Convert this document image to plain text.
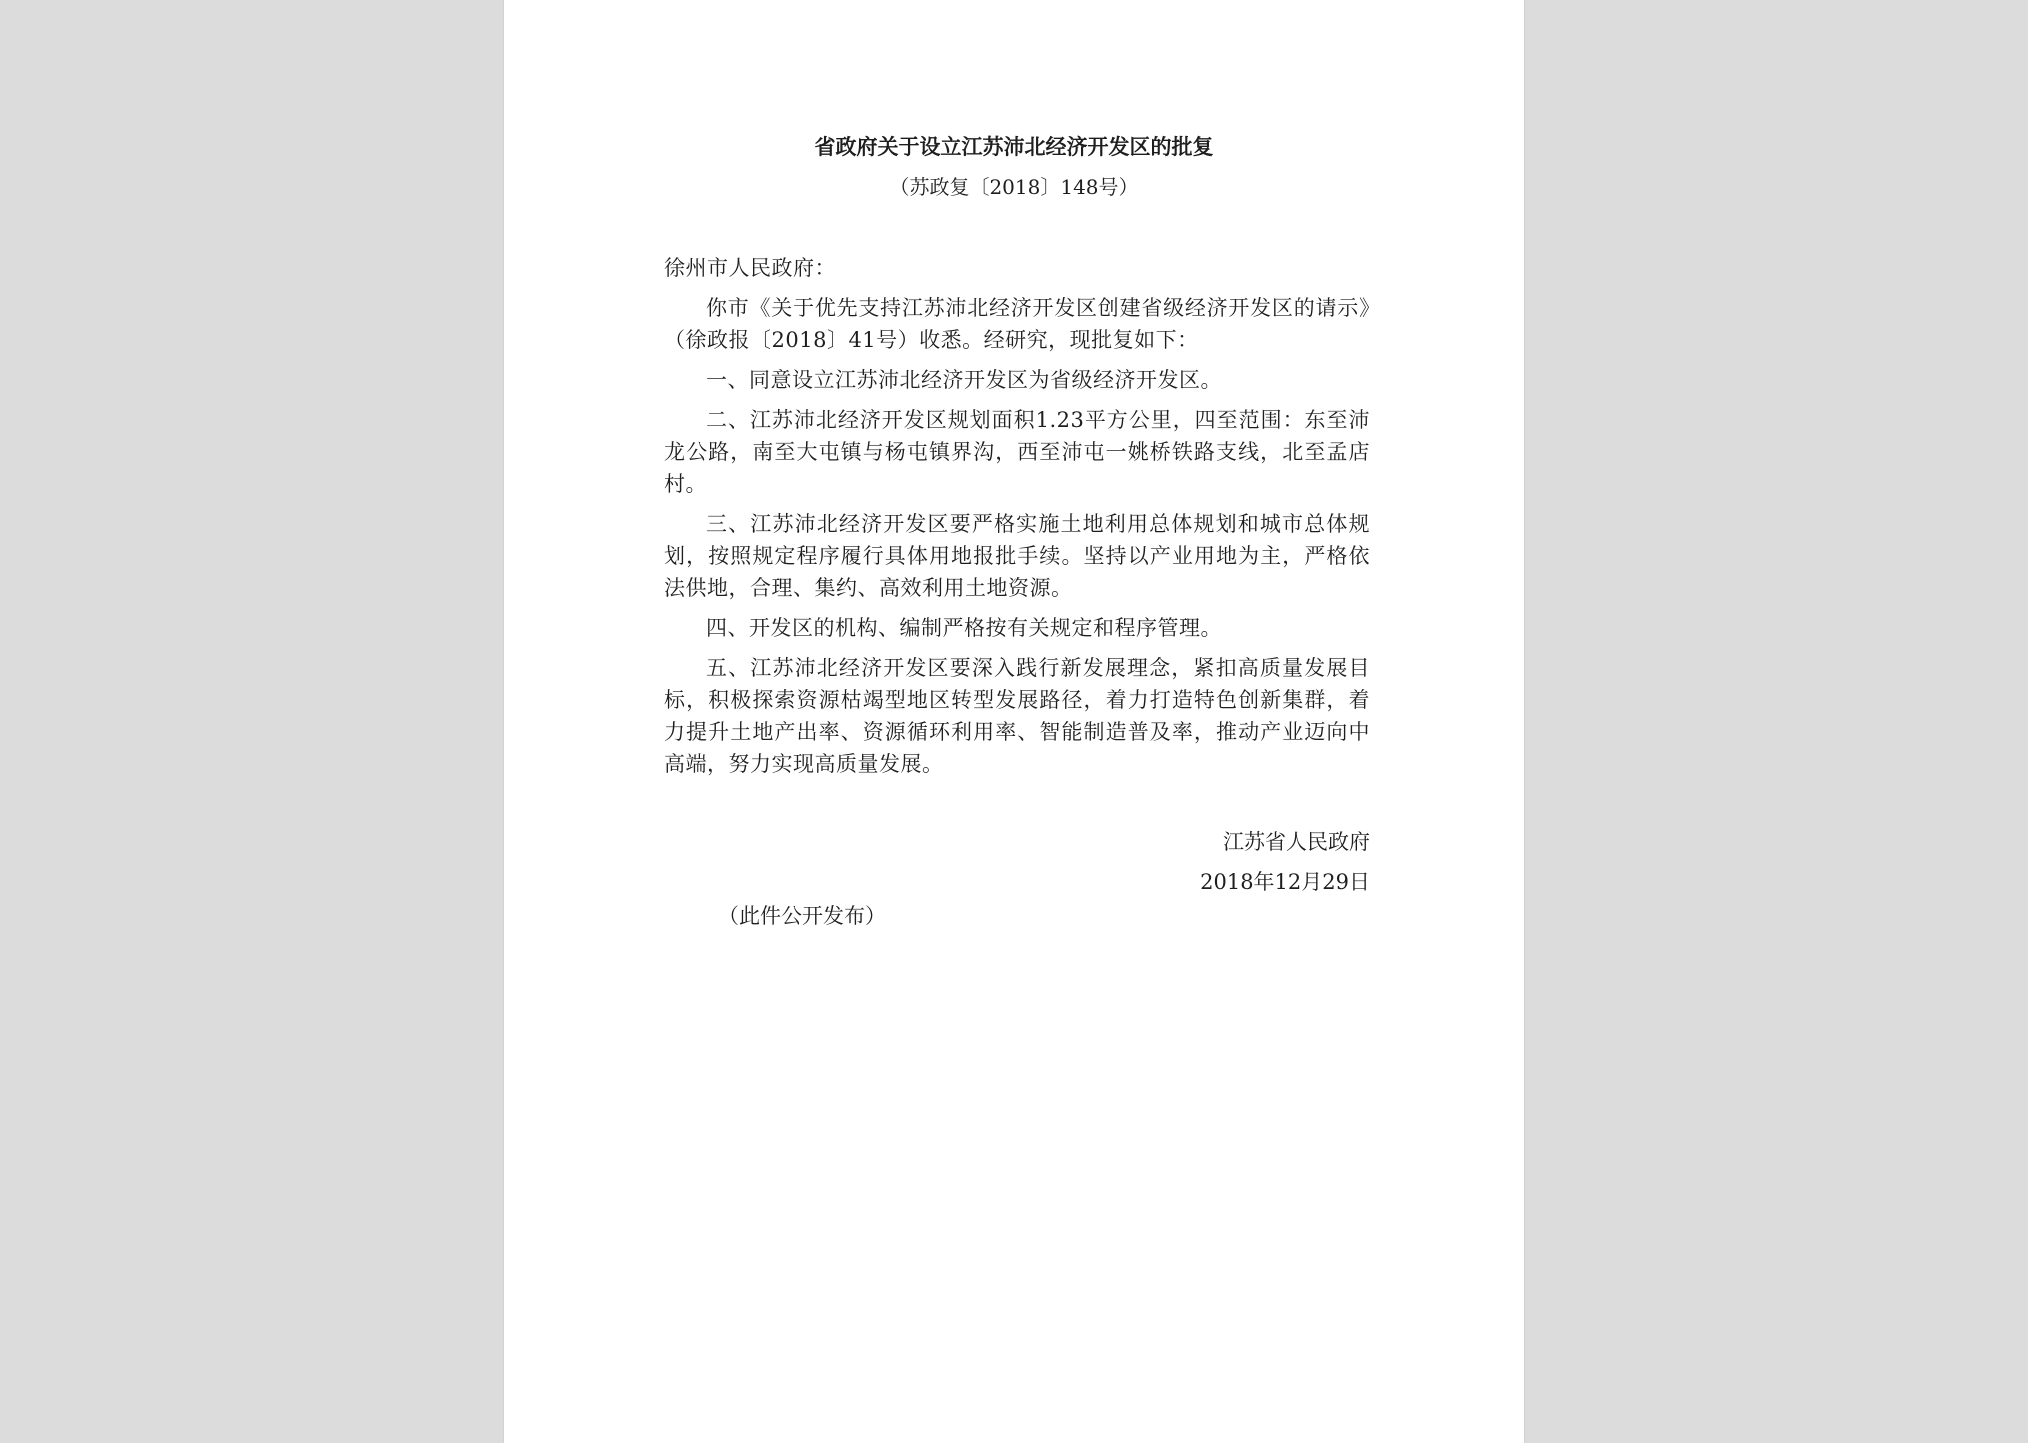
省政府关于设立江苏沛北经济开发区的批复
（苏政复〔2018〕148号）

徐州市人民政府：

你市《关于优先支持江苏沛北经济开发区创建省级经济开发区的请示》（徐政报〔2018〕41号）收悉。经研究，现批复如下：

一、同意设立江苏沛北经济开发区为省级经济开发区。

二、江苏沛北经济开发区规划面积1.23平方公里，四至范围：东至沛龙公路，南至大屯镇与杨屯镇界沟，西至沛屯一姚桥铁路支线，北至孟店村。

三、江苏沛北经济开发区要严格实施土地利用总体规划和城市总体规划，按照规定程序履行具体用地报批手续。坚持以产业用地为主，严格依法供地，合理、集约、高效利用土地资源。

四、开发区的机构、编制严格按有关规定和程序管理。

五、江苏沛北经济开发区要深入践行新发展理念，紧扣高质量发展目标，积极探索资源枯竭型地区转型发展路径，着力打造特色创新集群，着力提升土地产出率、资源循环利用率、智能制造普及率，推动产业迈向中高端，努力实现高质量发展。

江苏省人民政府
2018年12月29日
（此件公开发布）
